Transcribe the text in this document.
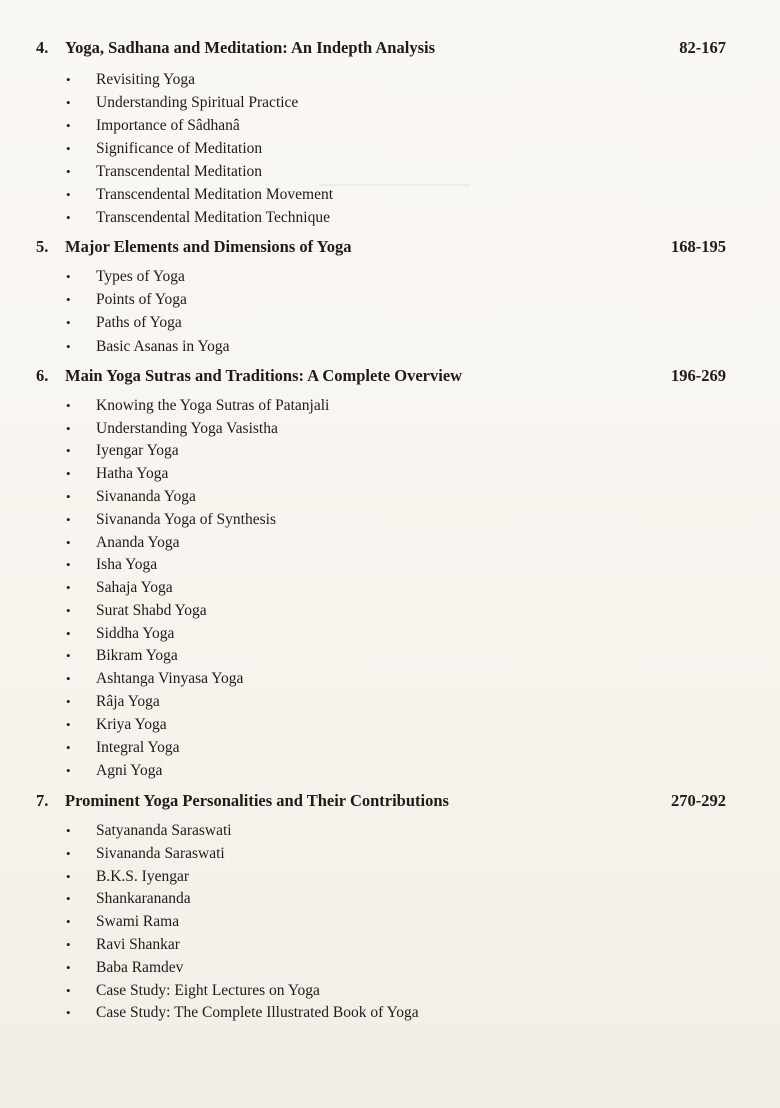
4. Yoga, Sadhana and Meditation: An Indepth Analysis	82-167
• Revisiting Yoga
• Understanding Spiritual Practice
• Importance of Sâdhanâ
• Significance of Meditation
• Transcendental Meditation
• Transcendental Meditation Movement
• Transcendental Meditation Technique
5. Major Elements and Dimensions of Yoga	168-195
• Types of Yoga
• Points of Yoga
• Paths of Yoga
• Basic Asanas in Yoga
6. Main Yoga Sutras and Traditions: A Complete Overview	196-269
• Knowing the Yoga Sutras of Patanjali
• Understanding Yoga Vasistha
• Iyengar Yoga
• Hatha Yoga
• Sivananda Yoga
• Sivananda Yoga of Synthesis
• Ananda Yoga
• Isha Yoga
• Sahaja Yoga
• Surat Shabd Yoga
• Siddha Yoga
• Bikram Yoga
• Ashtanga Vinyasa Yoga
• Râja Yoga
• Kriya Yoga
• Integral Yoga
• Agni Yoga
7. Prominent Yoga Personalities and Their Contributions	270-292
• Satyananda Saraswati
• Sivananda Saraswati
• B.K.S. Iyengar
• Shankarananda
• Swami Rama
• Ravi Shankar
• Baba Ramdev
• Case Study: Eight Lectures on Yoga
• Case Study: The Complete Illustrated Book of Yoga
